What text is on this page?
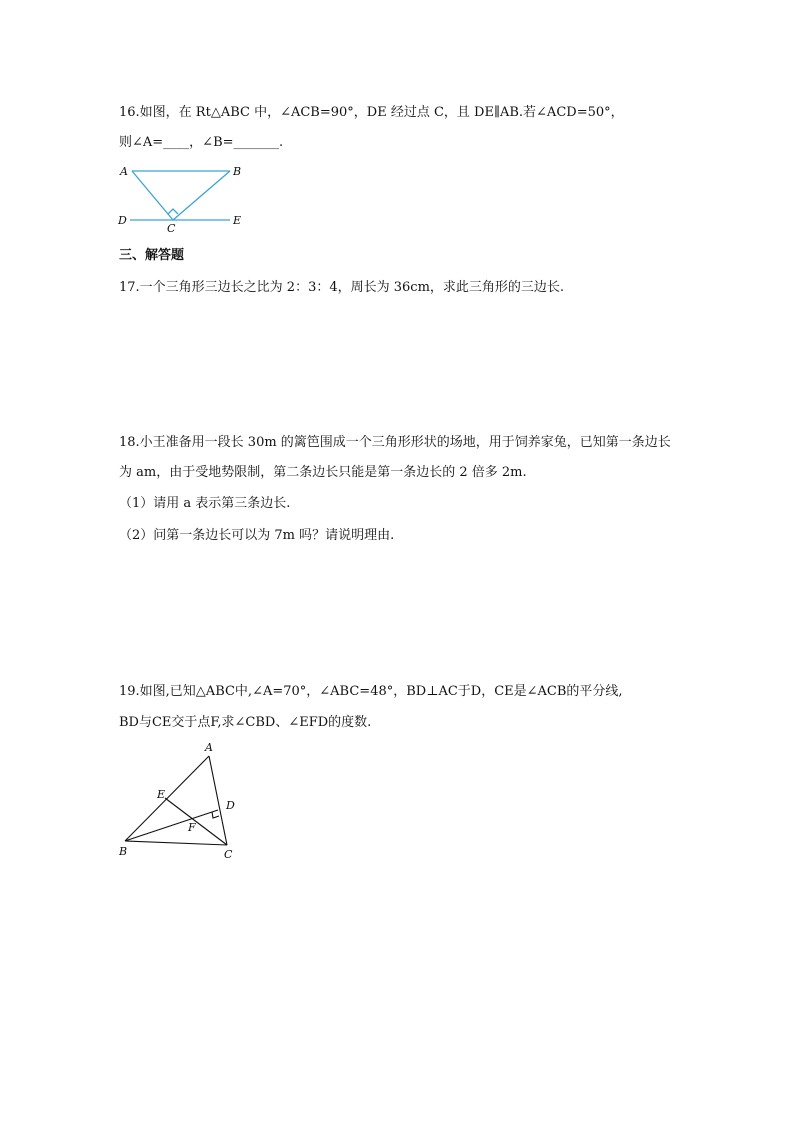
16.如图，在 Rt△ABC 中，∠ACB=90°，DE 经过点 C，且 DE∥AB.若∠ACD=50°，
则∠A=____，∠B=_______.
A	B
C
D	E
三、解答题
17.一个三角形三边长之比为 2：3：4，周长为 36cm，求此三角形的三边长.
18.小王准备用一段长 30m 的篱笆围成一个三角形形状的场地，用于饲养家兔，已知第一条边长
为 am，由于受地势限制，第二条边长只能是第一条边长的 2 倍多 2m.
（1）请用 a 表示第三条边长.
（2）问第一条边长可以为 7m 吗？请说明理由.
19.如图,已知△ABC中,∠A=70°，∠ABC=48°，BD⊥AC于D，CE是∠ACB的平分线,
BD与CE交于点F,求∠CBD、∠EFD的度数.
A
B	C
D
E
F
